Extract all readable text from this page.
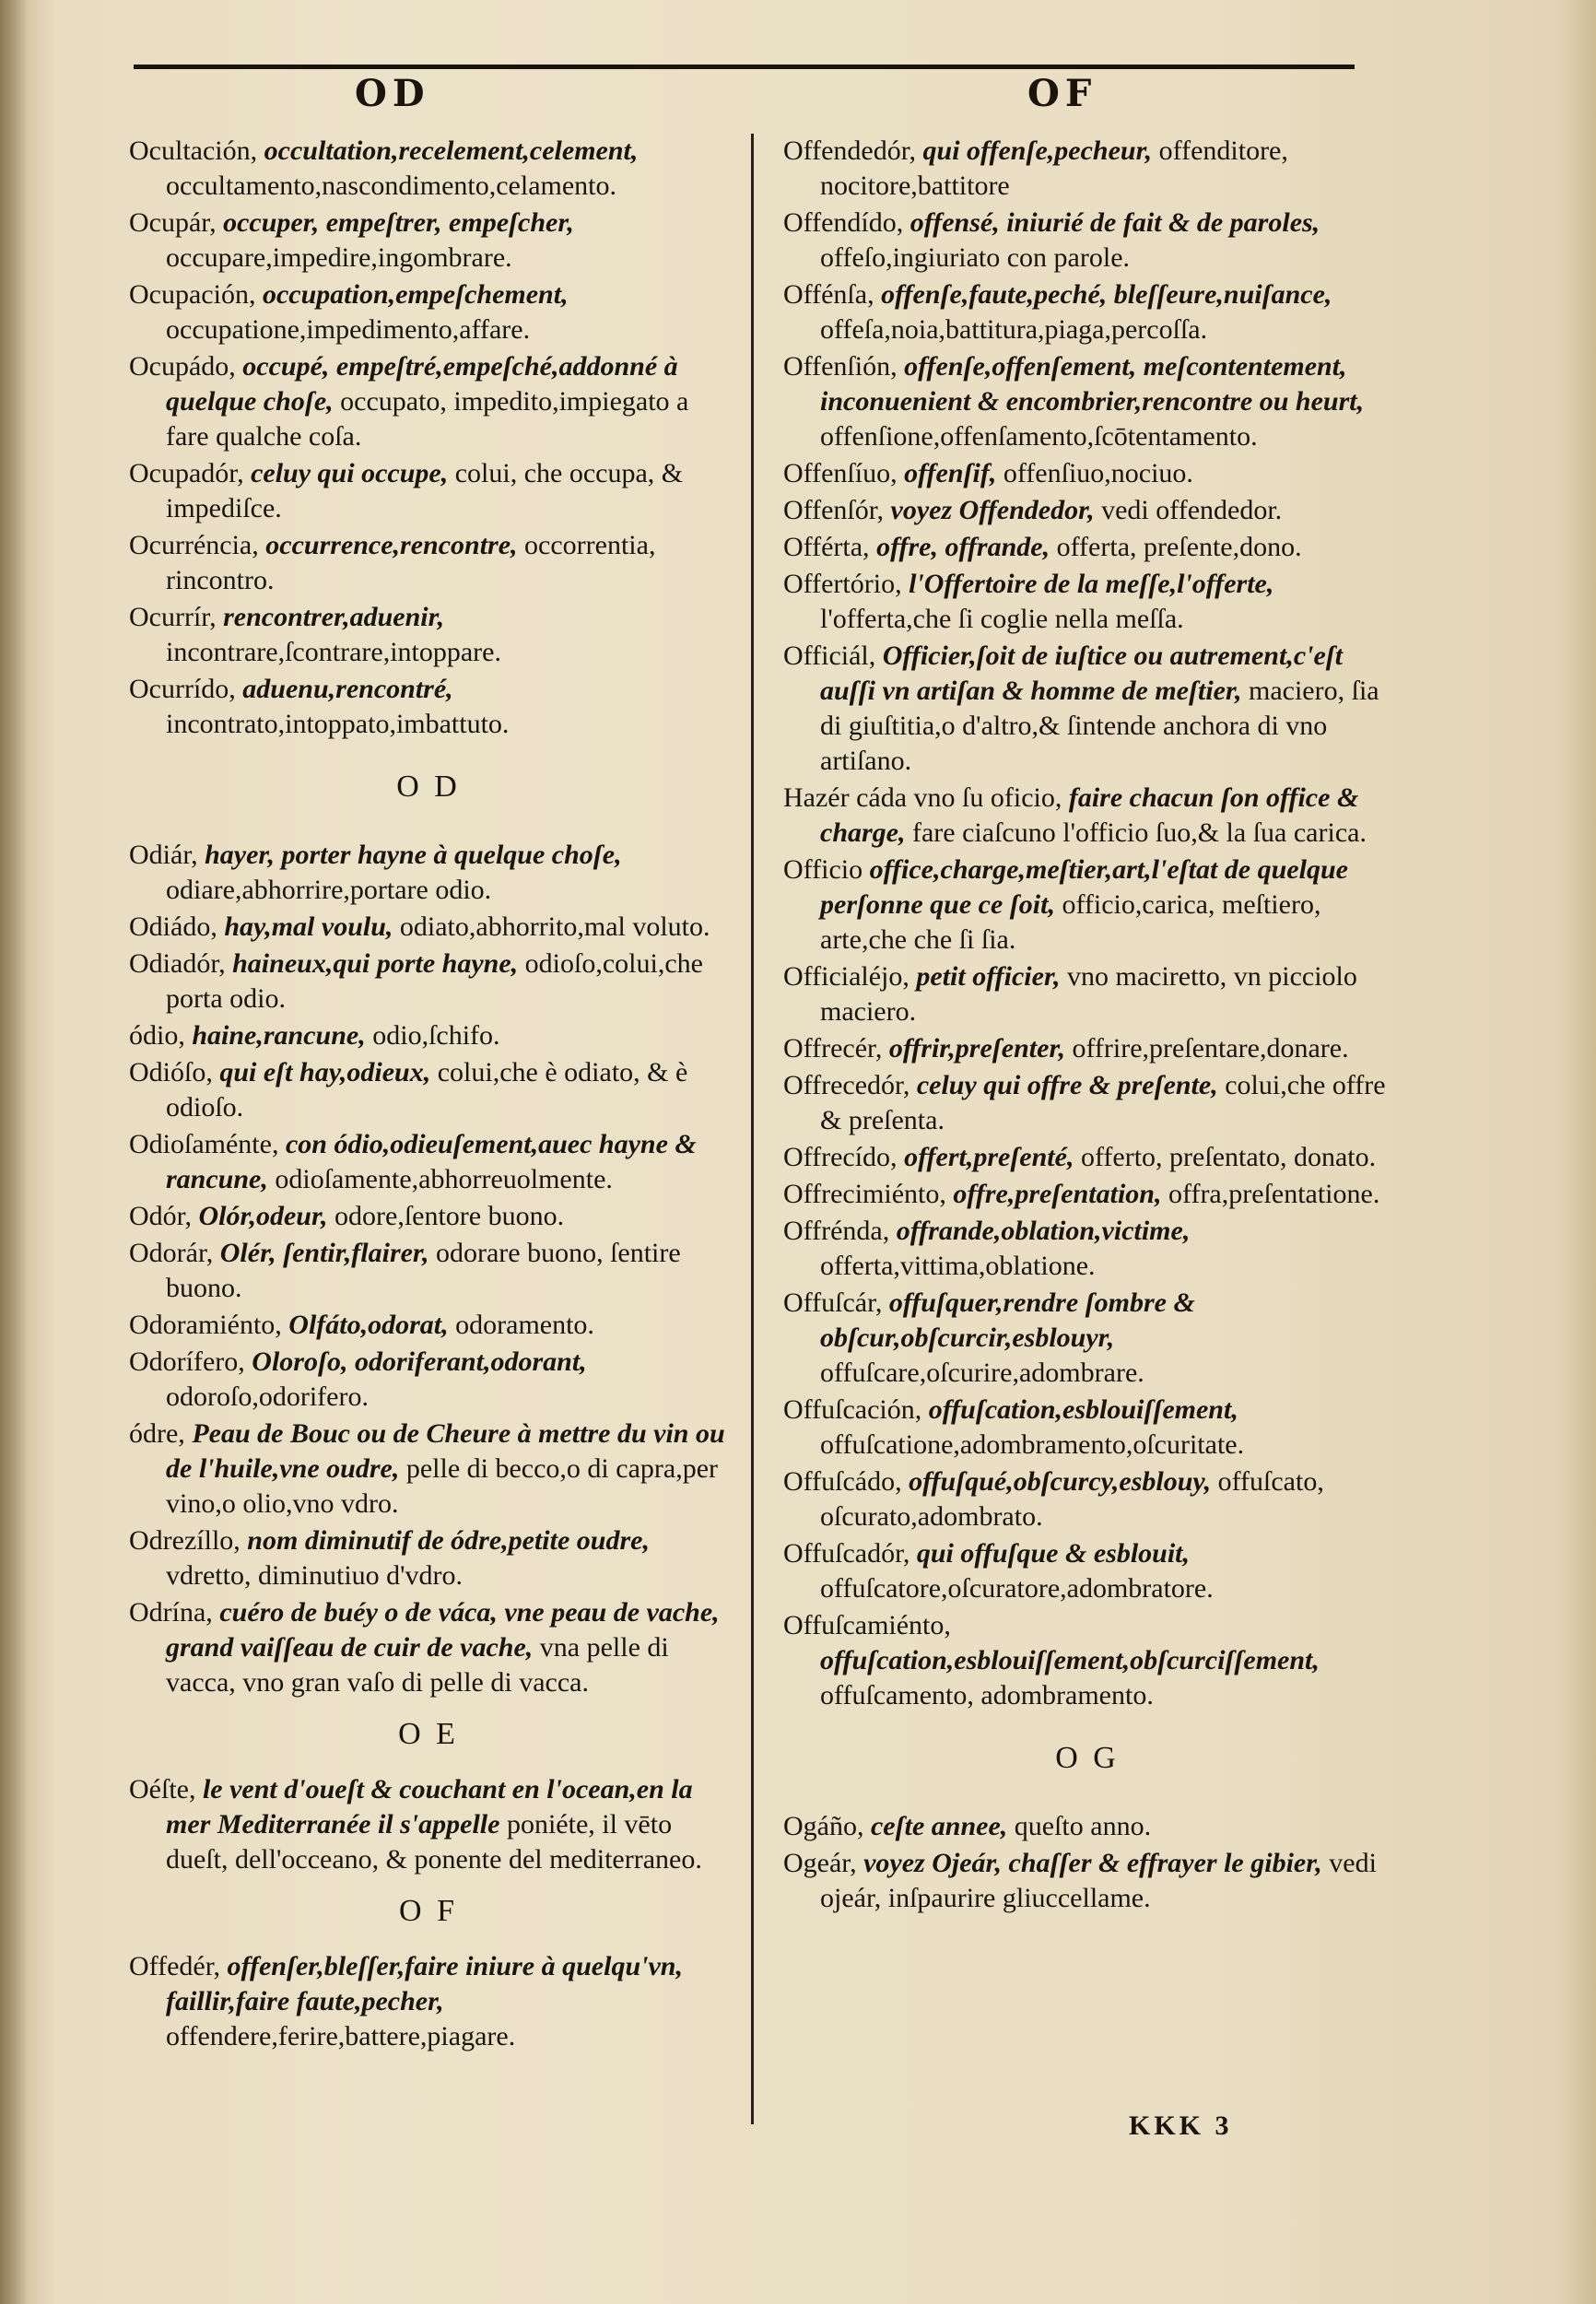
OD	OF
Ocultación, occultation,recelement,celement, occultamento,nascondimento,celamento.
Ocupár, occuper, empeſtrer, empeſcher, occupare,impedire,ingombrare.
Ocupación, occupation,empeſchement, occupatione,impedimento,affare.
Ocupádo, occupé, empeſtré,empeſché,addonné à quelque choſe, occupato, impedito,impiegato a fare qualche coſa.
Ocupadór, celuy qui occupe, colui, che occupa, & impediſce.
Ocurréncia, occurrence,rencontre, occorrentia, rincontro.
Ocurrír, rencontrer,aduenir, incontrare,ſcontrare,intoppare.
Ocurrído, aduenu,rencontré, incontrato,intoppato,imbattuto.
O D
Odiár, hayer, porter hayne à quelque choſe, odiare,abhorrire,portare odio.
Odiádo, hay,mal voulu, odiato,abhorrito,mal voluto.
Odiadór, haineux,qui porte hayne, odioſo,colui,che porta odio.
ódio, haine,rancune, odio,ſchifo.
Odióſo, qui eſt hay,odieux, colui,che è odiato, & è odioſo.
Odioſaménte, con ódio,odieuſement,auec hayne & rancune, odioſamente,abhorreuolmente.
Odór, Olór,odeur, odore,ſentore buono.
Odorár, Olér, ſentir,flairer, odorare buono, ſentire buono.
Odoramiénto, Olfáto,odorat, odoramento.
Odorífero, Oloroſo, odoriferant,odorant, odoroſo,odorifero.
ódre, Peau de Bouc ou de Cheure à mettre du vin ou de l'huile,vne oudre, pelle di becco,o di capra,per vino,o olio,vno vdro.
Odrezíllo, nom diminutif de ódre,petite oudre, vdretto, diminutiuo d'vdro.
Odrína, cuéro de buéy o de váca, vne peau de vache, grand vaiſſeau de cuir de vache, vna pelle di vacca, vno gran vaſo di pelle di vacca.
O E
Oéſte, le vent d'oueſt & couchant en l'ocean,en la mer Mediterranée il s'appelle poniéte, il vēto dueſt, dell'occeano, & ponente del mediterraneo.
O F
Offedér, offenſer,bleſſer,faire iniure à quelqu'vn, faillir,faire faute,pecher, offendere,ferire,battere,piagare.
Offendedór, qui offenſe,pecheur, offenditore, nocitore,battitore
Offendído, offensé, iniurié de fait & de paroles, offeſo,ingiuriato con parole.
Offénſa, offenſe,faute,peché, bleſſeure,nuiſance, offeſa,noia,battitura,piaga,percoſſa.
Offenſión, offenſe,offenſement, meſcontentement, inconuenient & encombrier,rencontre ou heurt, offenſione,offenſamento,ſcōtentamento.
Offenſíuo, offenſif, offenſiuo,nociuo.
Offenſór, voyez Offendedor, vedi offendedor.
Offérta, offre, offrande, offerta, preſente,dono.
Offertório, l'Offertoire de la meſſe,l'offerte, l'offerta,che ſi coglie nella meſſa.
Officiál, Officier,ſoit de iuſtice ou autrement,c'eſt auſſi vn artiſan & homme de meſtier, maciero, ſia di giuſtitia,o d'altro,& ſintende anchora di vno artiſano.
Hazér cáda vno ſu oficio, faire chacun ſon office & charge, fare ciaſcuno l'officio ſuo,& la ſua carica.
Officio office,charge,meſtier,art,l'eſtat de quelque perſonne que ce ſoit, officio,carica, meſtiero, arte,che che ſi ſia.
Officialéjo, petit officier, vno maciretto, vn picciolo maciero.
Offrecér, offrir,preſenter, offrire,preſentare,donare.
Offrecedór, celuy qui offre & preſente, colui,che offre & preſenta.
Offrecído, offert,preſenté, offerto, preſentato, donato.
Offrecimiénto, offre,preſentation, offra,preſentatione.
Offrénda, offrande,oblation,victime, offerta,vittima,oblatione.
Offuſcár, offuſquer,rendre ſombre & obſcur,obſcurcir,esblouyr, offuſcare,oſcurire,adombrare.
Offuſcación, offuſcation,esblouiſſement, offuſcatione,adombramento,oſcuritate.
Offuſcádo, offuſqué,obſcurcy,esblouy, offuſcato, oſcurato,adombrato.
Offuſcadór, qui offuſque & esblouit, offuſcatore,oſcuratore,adombratore.
Offuſcamiénto, offuſcation,esblouiſſement,obſcurciſſement, offuſcamento, adombramento.
O G
Ogáño, ceſte annee, queſto anno.
Ogeár, voyez Ojeár, chaſſer & effrayer le gibier, vedi ojeár, inſpaurire gliuccellame.
KKK 3
